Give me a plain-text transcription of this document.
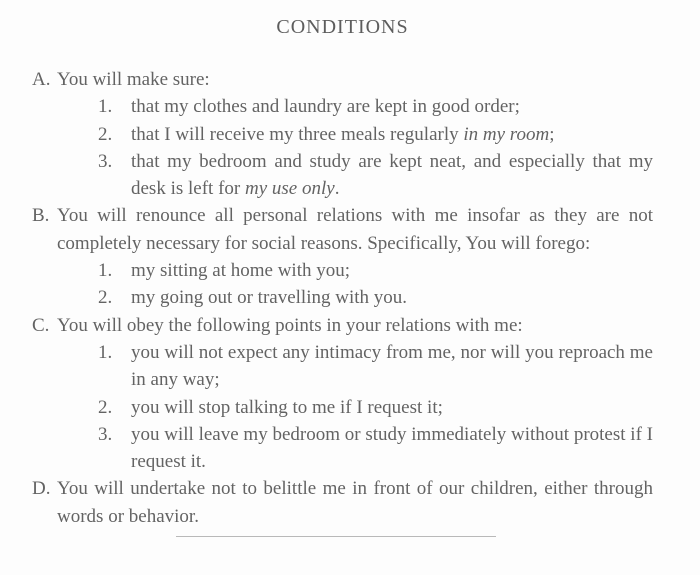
CONDITIONS
A. You will make sure:
1. that my clothes and laundry are kept in good order;
2. that I will receive my three meals regularly in my room;
3. that my bedroom and study are kept neat, and especially that my desk is left for my use only.
B. You will renounce all personal relations with me insofar as they are not completely necessary for social reasons. Specifically, You will forego:
1. my sitting at home with you;
2. my going out or travelling with you.
C. You will obey the following points in your relations with me:
1. you will not expect any intimacy from me, nor will you reproach me in any way;
2. you will stop talking to me if I request it;
3. you will leave my bedroom or study immediately without protest if I request it.
D. You will undertake not to belittle me in front of our children, either through words or behavior.
